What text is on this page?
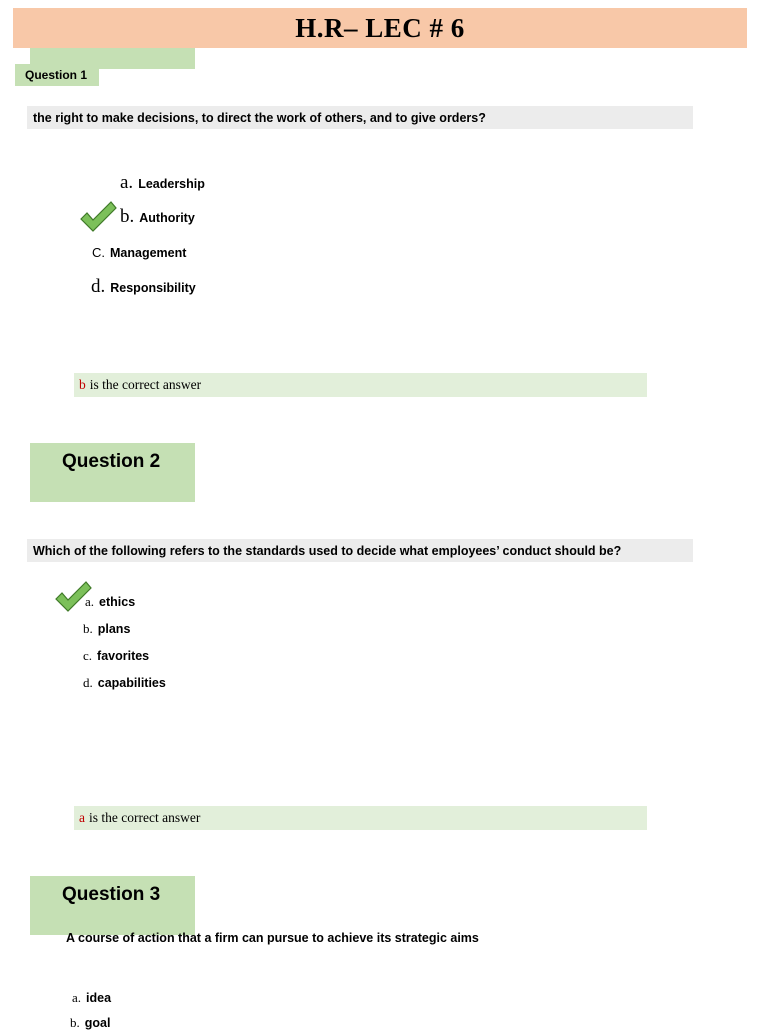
H.R– LEC # 6
Question 1
the right to make decisions, to direct the work of others, and to give orders?
a. Leadership
b. Authority
C. Management
d. Responsibility
b is the correct answer
Question 2
Which of the following refers to the standards used to decide what employees’ conduct should be?
a. ethics
b. plans
c. favorites
d. capabilities
a is the correct answer
Question 3
A course of action that a firm can pursue to achieve its strategic aims
a. idea
b. goal
